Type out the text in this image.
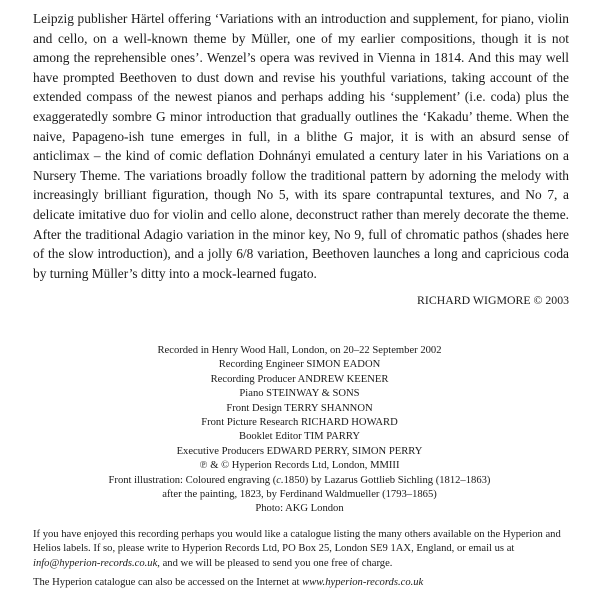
Leipzig publisher Härtel offering ‘Variations with an introduction and supplement, for piano, violin and cello, on a well-known theme by Müller, one of my earlier compositions, though it is not among the reprehensible ones’. Wenzel’s opera was revived in Vienna in 1814. And this may well have prompted Beethoven to dust down and revise his youthful variations, taking account of the extended compass of the newest pianos and perhaps adding his ‘supplement’ (i.e. coda) plus the exaggeratedly sombre G minor introduction that gradually outlines the ‘Kakadu’ theme. When the naive, Papageno-ish tune emerges in full, in a blithe G major, it is with an absurd sense of anticlimax – the kind of comic deflation Dohnányi emulated a century later in his Variations on a Nursery Theme. The variations broadly follow the traditional pattern by adorning the melody with increasingly brilliant figuration, though No 5, with its spare contrapuntal textures, and No 7, a delicate imitative duo for violin and cello alone, deconstruct rather than merely decorate the theme. After the traditional Adagio variation in the minor key, No 9, full of chromatic pathos (shades here of the slow introduction), and a jolly 6/8 variation, Beethoven launches a long and capricious coda by turning Müller’s ditty into a mock-learned fugato.

RICHARD WIGMORE © 2003

Recorded in Henry Wood Hall, London, on 20–22 September 2002
Recording Engineer SIMON EADON
Recording Producer ANDREW KEENER
Piano STEINWAY & SONS
Front Design TERRY SHANNON
Front Picture Research RICHARD HOWARD
Booklet Editor TIM PARRY
Executive Producers EDWARD PERRY, SIMON PERRY
℗ & © Hyperion Records Ltd, London, MMIII
Front illustration: Coloured engraving (c.1850) by Lazarus Gottlieb Sichling (1812–1863)
after the painting, 1823, by Ferdinand Waldmueller (1793–1865)
Photo: AKG London

If you have enjoyed this recording perhaps you would like a catalogue listing the many others available on the Hyperion and Helios labels. If so, please write to Hyperion Records Ltd, PO Box 25, London SE9 1AX, England, or email us at info@hyperion-records.co.uk, and we will be pleased to send you one free of charge.

The Hyperion catalogue can also be accessed on the Internet at www.hyperion-records.co.uk
